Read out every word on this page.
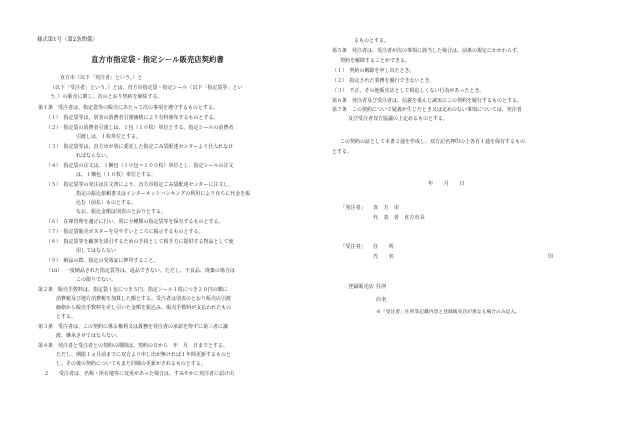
様式第1号（第2条関係）
直方市指定袋・指定シール販売店契約書
直方市（以下「発注者」という。）と
（以下「受注者」という。）とは、直方市指定袋・指定シール（以下「指定袋等」とい
う。）の販売に関し、次のとおり契約を締結する。
第１条　受注者は、指定袋等の販売にあたって次の事項を遵守するものとする。
（１）　指定袋等は、別表の消費者引渡価格により有料頒布するものとする。
（２）　指定袋の消費者引渡しは、１包（１０枚）単位とする。指定シールの消費者
引渡しは、１枚単位とする。
（３）　指定袋等は、直方市が別に委託した指定ごみ袋配達センターより仕入れなけ
ればならない。
（４）　指定袋の注文は、１梱包（１０包＝１００枚）単位とし、指定シールの注文
は、１梱包（１０枚）単位とする。
（５）　指定袋等の発注は注文書により、直方市指定ごみ袋配達センターに注文し、
指定の振込依頼書又はインターネットバンキングの利用により直ちに代金を振
込む（前払）ものとする。
なお、振込金額は別表のとおりとする。
（６）　在庫管理を適正に行い、常に全種類の指定袋等を保有するものとする。
（７）　指定袋販売ポスターを見やすいところに掲示するものとする。
（８）　指定袋等を顧客を誘引するための手段として相手方に提供する物品として使
用してはならない
（９）　納品の際、指定の受領証に押印すること。
（10）　一度納品された指定袋等は、返品できない。ただし、不良品、廃棄の場合は
この限りでない。
第２条　販売手数料は、指定袋１包につき５円、指定シール１枚につき２０円の額に
消費税及び地方消費税を加算した額とする。受注者は別表のとおり販売店引渡
価格から販売手数料を差し引いた金額を振込み、販売手数料が支払われたもの
とする。
第３条　受注者は、この契約に係る権利又は義務を発注者の承認を得ずに第三者に譲
渡、継承させてはならない。
第４条　発注者と受注者との契約の期間は、契約の日から　年　月　日までとする。
ただし、期限１ヵ月前までに双方より申し出が無ければ１年間更新するものと
し、その後の契約についてもまた同様の更新がされるものとする。
２　　受注者は、名称・所在地等に変更があった場合は、すみやかに発注者に届け出
るものとする。
第５条　発注者は、受注者が次の事項に該当した場合は、前条の規定にかかわらず、
契約を解除することができる。
（１）　契約の解除を申し出たとき。
（２）　指定された業務を履行できないとき。
（３）　不正、その他販売店として相応しくない行為があったとき。
第６条　発注者及び受注者は、信義を重んじ誠実にこの契約を履行するものとする。
第７条　この契約について疑義が生じたとき又は定めのない事項については、発注者
及び受注者双方協議の上定めるものとする。
この契約の証として本書２通を作成し、双方記名押印の上各自１通を保有するもの
とする。
年　　月　　日
「発注者」 直　方　市
代　表　者 直方市長
「受注者」 住　　所
氏　　名	印
登録販売店 住所
店名
※「受注者」住所等記載内容と登録販売店が異なる場合のみ記入。
